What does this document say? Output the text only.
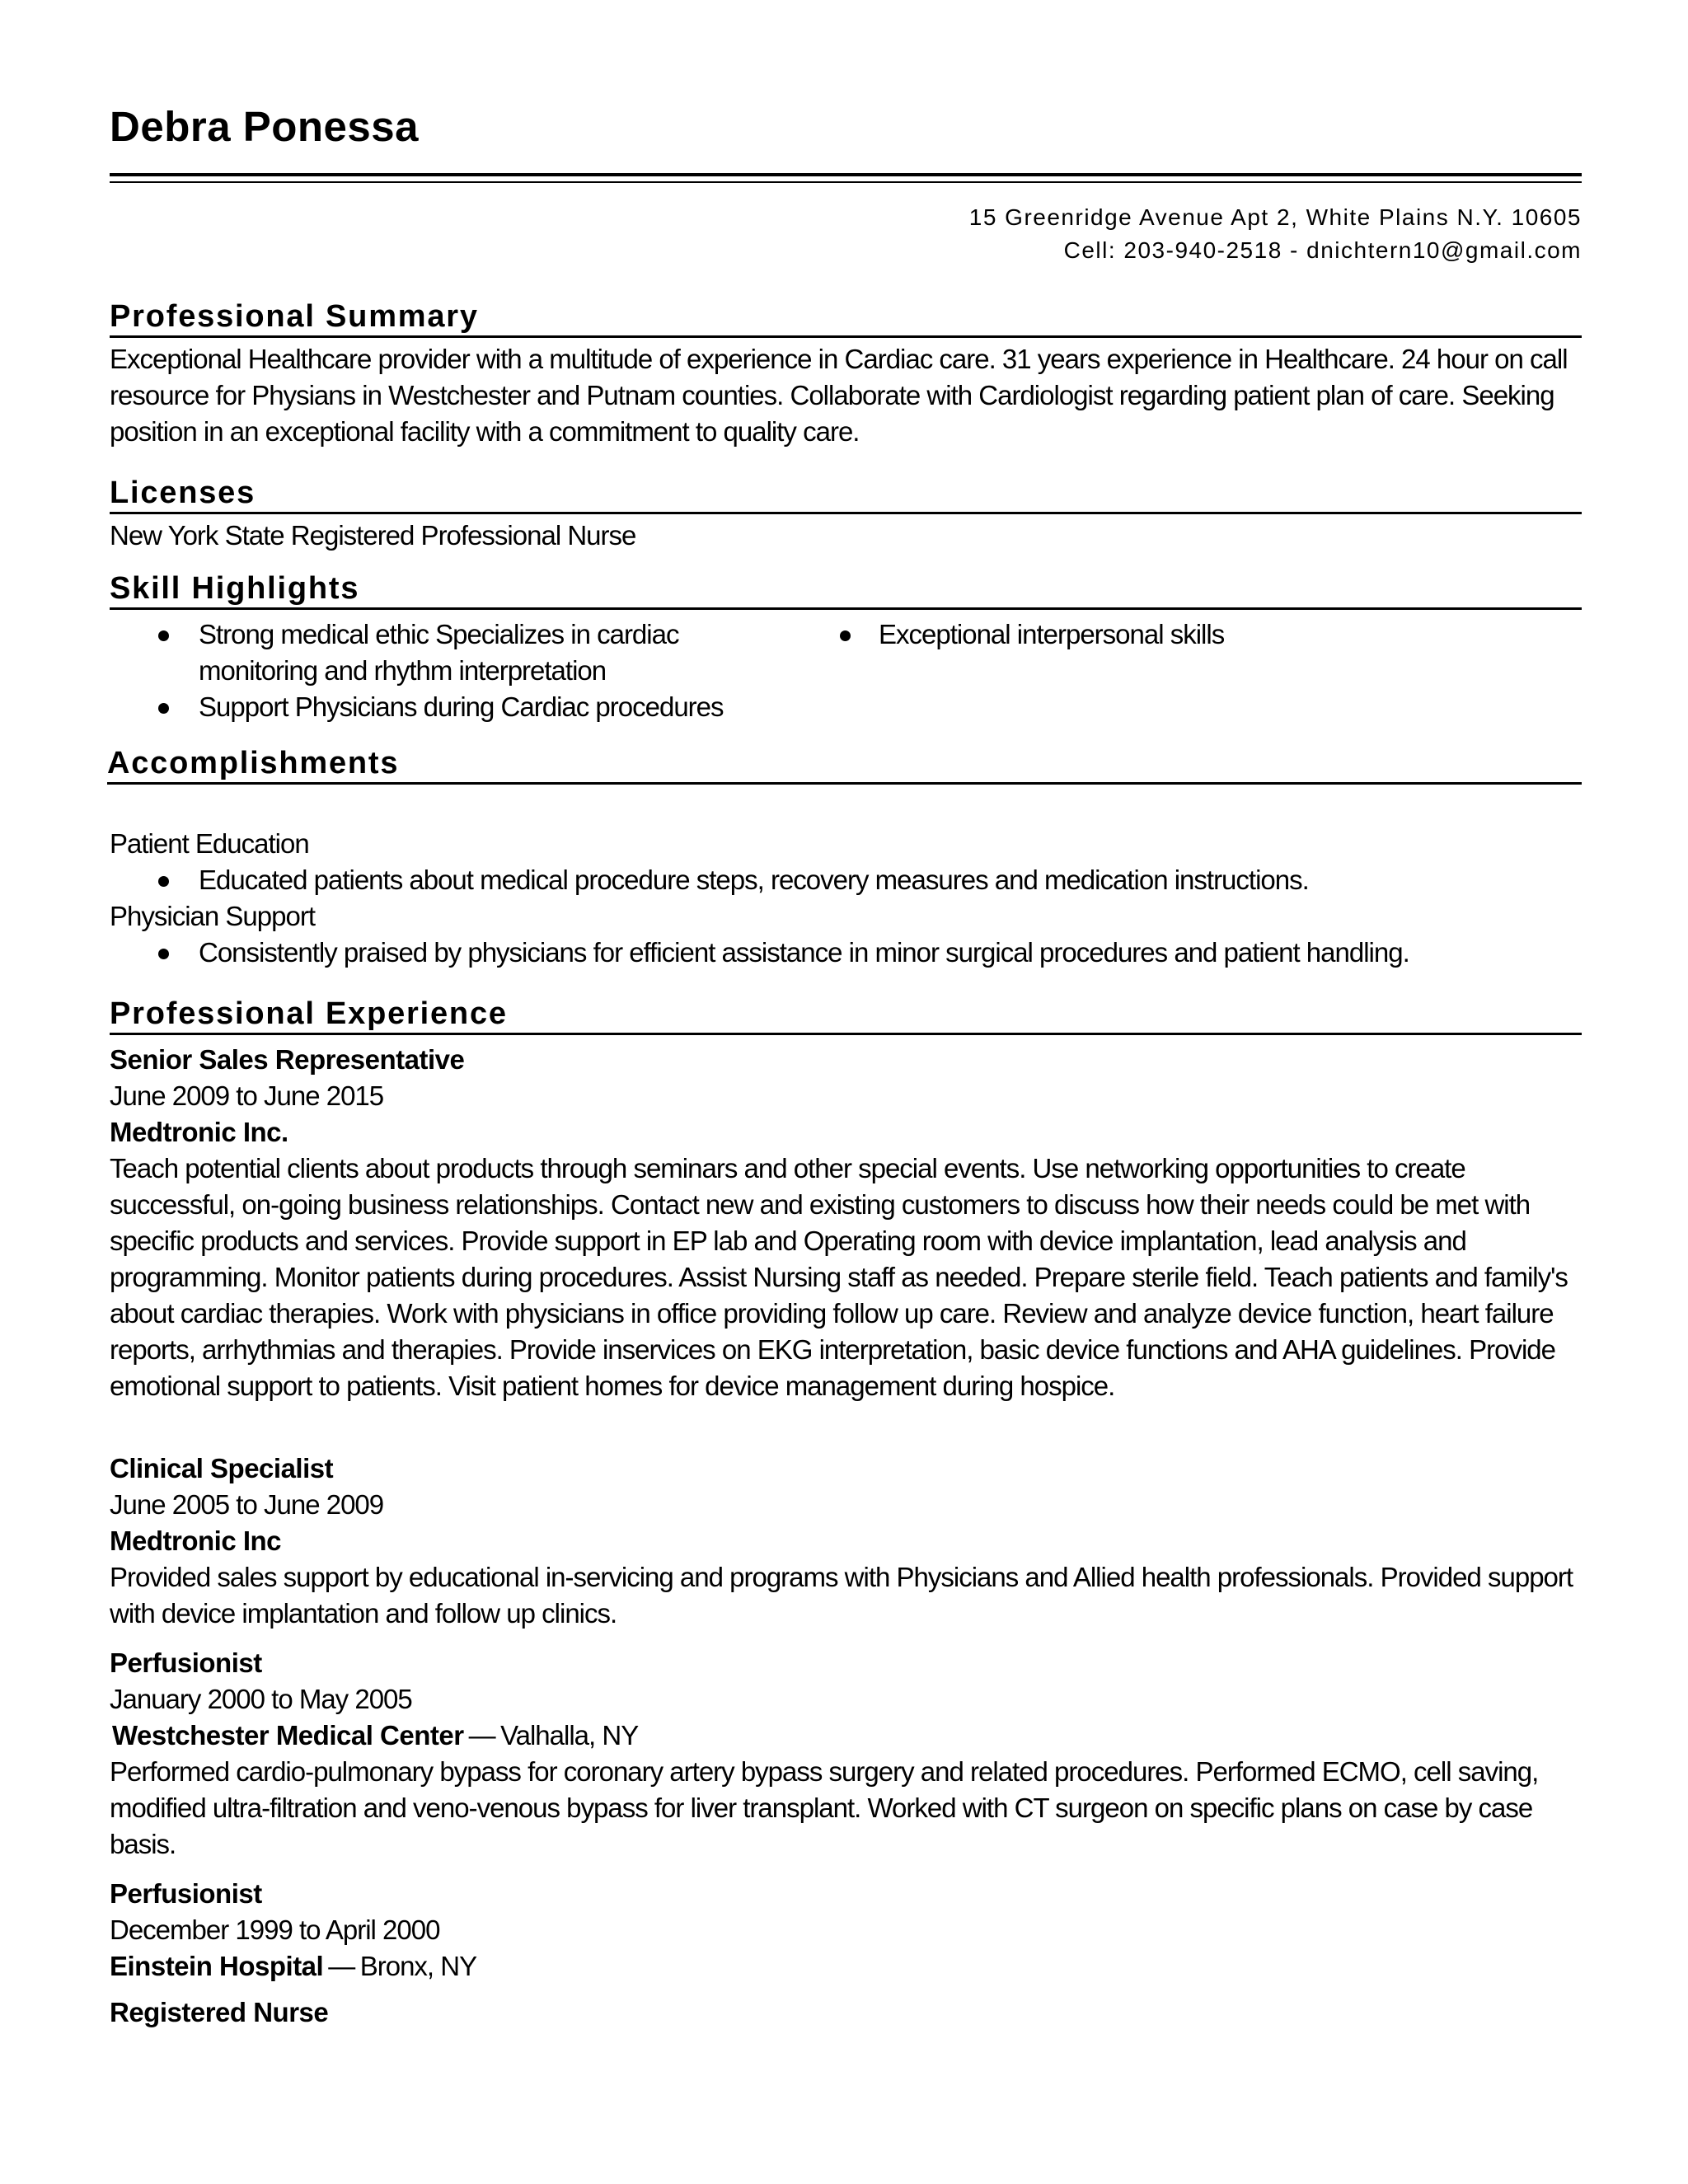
Debra Ponessa
15 Greenridge Avenue Apt 2, White Plains N.Y. 10605
Cell: 203-940-2518 - dnichtern10@gmail.com
Professional Summary

Exceptional Healthcare provider with a multitude of experience in Cardiac care. 31 years experience in Healthcare. 24 hour on call resource for Physians in Westchester and Putnam counties. Collaborate with Cardiologist regarding patient plan of care. Seeking position in an exceptional facility with a commitment to quality care.

Licenses

New York State Registered Professional Nurse

Skill Highlights
Strong medical ethic Specializes in cardiac monitoring and rhythm interpretation
Support Physicians during Cardiac procedures
Exceptional interpersonal skills
Accomplishments

Patient Education

Educated patients about medical procedure steps, recovery measures and medication instructions.

Physician Support

Consistently praised by physicians for efficient assistance in minor surgical procedures and patient handling.
Professional Experience

Senior Sales Representative

June 2009 to June 2015

Medtronic Inc.

Teach potential clients about products through seminars and other special events. Use networking opportunities to create successful, on-going business relationships. Contact new and existing customers to discuss how their needs could be met with specific products and services. Provide support in EP lab and Operating room with device implantation, lead analysis and programming. Monitor patients during procedures. Assist Nursing staff as needed. Prepare sterile field. Teach patients and family's about cardiac therapies. Work with physicians in office providing follow up care. Review and analyze device function, heart failure reports, arrhythmias and therapies. Provide inservices on EKG interpretation, basic device functions and AHA guidelines. Provide emotional support to patients. Visit patient homes for device management during hospice.

Clinical Specialist

June 2005 to June 2009

Medtronic Inc

Provided sales support by educational in-servicing and programs with Physicians and Allied health professionals. Provided support with device implantation and follow up clinics.

Perfusionist

January 2000 to May 2005

Westchester Medical Center — Valhalla, NY

Performed cardio-pulmonary bypass for coronary artery bypass surgery and related procedures. Performed ECMO, cell saving, modified ultra-filtration and veno-venous bypass for liver transplant. Worked with CT surgeon on specific plans on case by case basis.

Perfusionist

December 1999 to April 2000

Einstein Hospital — Bronx, NY

Registered Nurse
